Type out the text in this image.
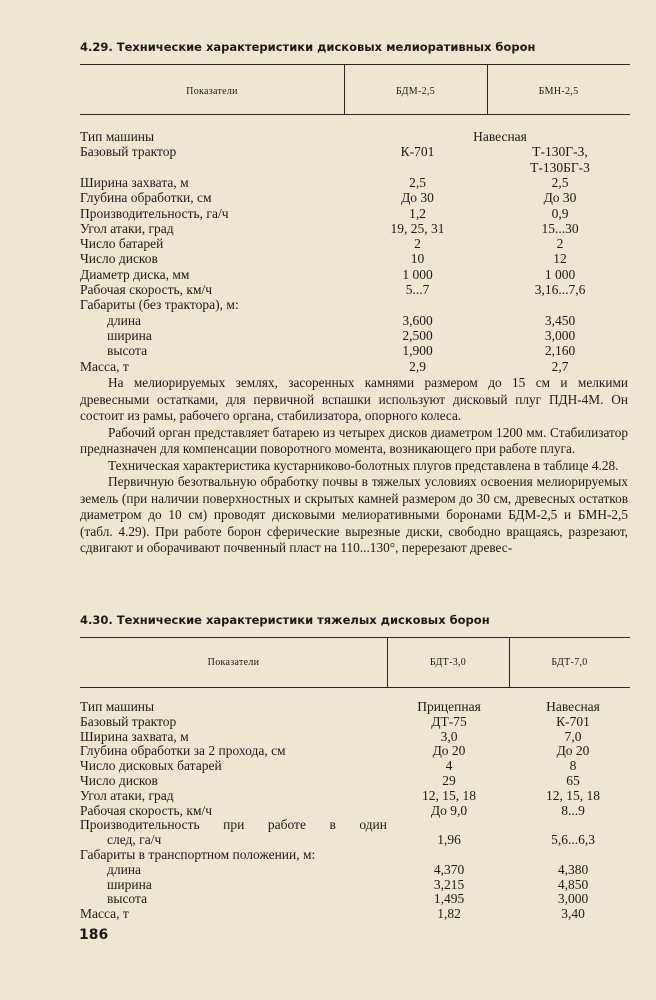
4.29. Технические характеристики дисковых мелиоративных борон
Показатели	БДМ-2,5	БМН-2,5
Тип машины	Навесная
Базовый трактор	К-701	Т-130Г-3,
Т-130БГ-3
Ширина захвата, м	2,5	2,5
Глубина обработки, см	До 30	До 30
Производительность, га/ч	1,2	0,9
Угол атаки, град	19, 25, 31	15...30
Число батарей	2	2
Число дисков	10	12
Диаметр диска, мм	1 000	1 000
Рабочая скорость, км/ч	5...7	3,16...7,6
Габариты (без трактора), м:
длина	3,600	3,450
ширина	2,500	3,000
высота	1,900	2,160
Масса, т	2,9	2,7

На мелиорируемых землях, засоренных камнями размером до 15 см и мелкими древесными остатками, для первичной вспашки используют дисковый плуг ПДН-4М. Он состоит из рамы, рабочего органа, стабилизатора, опорного колеса.

Рабочий орган представляет батарею из четырех дисков диаметром 1200 мм. Стабилизатор предназначен для компенсации поворотного момента, возникающего при работе плуга.

Техническая характеристика кустарниково-болотных плугов представлена в таблице 4.28.

Первичную безотвальную обработку почвы в тяжелых условиях освоения мелиорируемых земель (при наличии поверхностных и скрытых камней размером до 30 см, древесных остатков диаметром до 10 см) проводят дисковыми мелиоративными боронами БДМ-2,5 и БМН-2,5 (табл. 4.29). При работе борон сферические вырезные диски, свободно вращаясь, разрезают, сдвигают и оборачивают почвенный пласт на 110...130°, перерезают древес-

4.30. Технические характеристики тяжелых дисковых борон
Показатели	БДТ-3,0	БДТ-7,0
Тип машины	Прицепная	Навесная
Базовый трактор	ДТ-75	К-701
Ширина захвата, м	3,0	7,0
Глубина обработки за 2 прохода, см	До 20	До 20
Число дисковых батарей	4	8
Число дисков	29	65
Угол атаки, град	12, 15, 18	12, 15, 18
Рабочая скорость, км/ч	До 9,0	8...9
Производительность при работе в один
след, га/ч	1,96	5,6...6,3
Габариты в транспортном положении, м:
длина	4,370	4,380
ширина	3,215	4,850
высота	1,495	3,000
Масса, т	1,82	3,40
186
